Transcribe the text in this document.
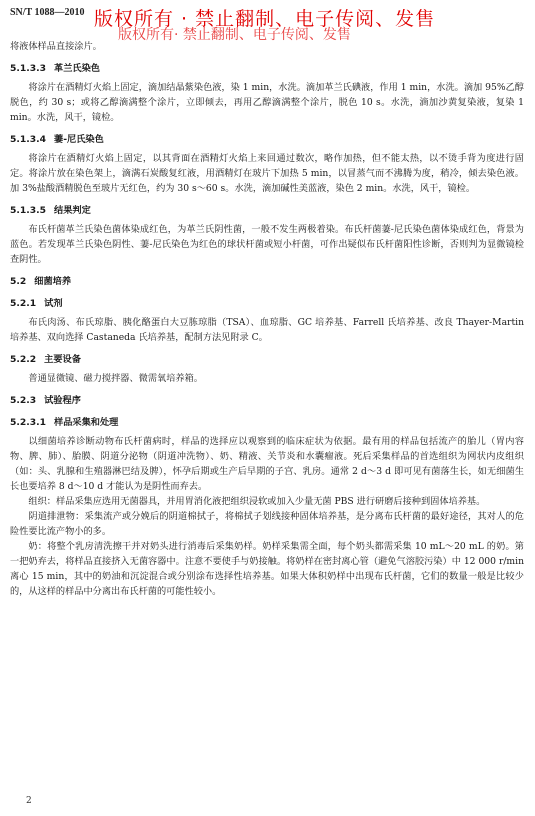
SN/T 1088—2010 版权所有 · 禁止翻制、电子传阅、发售
版权所有· 禁止翻制、电子传阅、发售

将液体样品直接涂片。

5.1.3.3 革兰氏染色

将涂片在酒精灯火焰上固定，滴加结晶紫染色液，染 1 min，水洗。滴加革兰氏碘液，作用 1 min，水洗。滴加 95%乙醇脱色，约 30 s；或将乙醇滴满整个涂片，立即倾去，再用乙醇滴满整个涂片，脱色 10 s。水洗，滴加沙黄复染液，复染 1 min。水洗，风干，镜检。

5.1.3.4 萋-尼氏染色

将涂片在酒精灯火焰上固定，以其背面在酒精灯火焰上来回通过数次，略作加热，但不能太热，以不烫手背为度进行固定。将涂片放在染色架上，滴满石炭酸复红液，用酒精灯在玻片下加热 5 min，以冒蒸气而不沸腾为度，稍冷，倾去染色液。加 3%盐酸酒精脱色至玻片无红色，约为 30 s～60 s。水洗，滴加碱性美蓝液，染色 2 min。水洗，风干，镜检。

5.1.3.5 结果判定

布氏杆菌革兰氏染色菌体染成红色，为革兰氏阴性菌，一般不发生两极着染。布氏杆菌萋-尼氏染色菌体染成红色，背景为蓝色。若发现革兰氏染色阴性、萋-尼氏染色为红色的球状杆菌或短小杆菌，可作出疑似布氏杆菌阳性诊断，否则判为显微镜检查阴性。

5.2 细菌培养
5.2.1 试剂

布氏肉汤、布氏琼脂、胰化酪蛋白大豆胨琼脂（TSA）、血琼脂、GC 培养基、Farrell 氏培养基、改良 Thayer-Martin 培养基、双向选择 Castaneda 氏培养基，配制方法见附录 C。

5.2.2 主要设备

普通显微镜、磁力搅拌器、微需氧培养箱。

5.2.3 试验程序
5.2.3.1 样品采集和处理

以细菌培养诊断动物布氏杆菌病时，样品的选择应以观察到的临床症状为依据。最有用的样品包括流产的胎儿（胃内容物、脾、肺）、胎膜、阴道分泌物（阴道冲洗物）、奶、精液、关节炎和水囊瘤液。死后采集样品的首选组织为网状内皮组织（如：头、乳腺和生殖器淋巴结及脾），怀孕后期或生产后早期的子宫、乳房。通常 2 d～3 d 即可见有菌落生长，如无细菌生长也要培养 8 d～10 d 才能认为是阴性而弃去。

组织：样品采集应选用无菌器具，并用胃消化液把组织浸软或加入少量无菌 PBS 进行研磨后接种到固体培养基。

阴道排泄物：采集流产或分娩后的阴道棉拭子，将棉拭子划线接种固体培养基，是分离布氏杆菌的最好途径，其对人的危险性要比流产物小的多。

奶：将整个乳房清洗擦干并对奶头进行消毒后采集奶样。奶样采集需全面，每个奶头都需采集 10 mL～20 mL 的奶。第一把奶弃去，将样品直接挤入无菌容器中。注意不要使手与奶接触。将奶样在密封离心管（避免气溶胶污染）中 12 000 r/min 离心 15 min，其中的奶油和沉淀混合或分别涂布选择性培养基。如果大体积奶样中出现布氏杆菌，它们的数量一般是比较少的，从这样的样品中分离出布氏杆菌的可能性较小。

2
